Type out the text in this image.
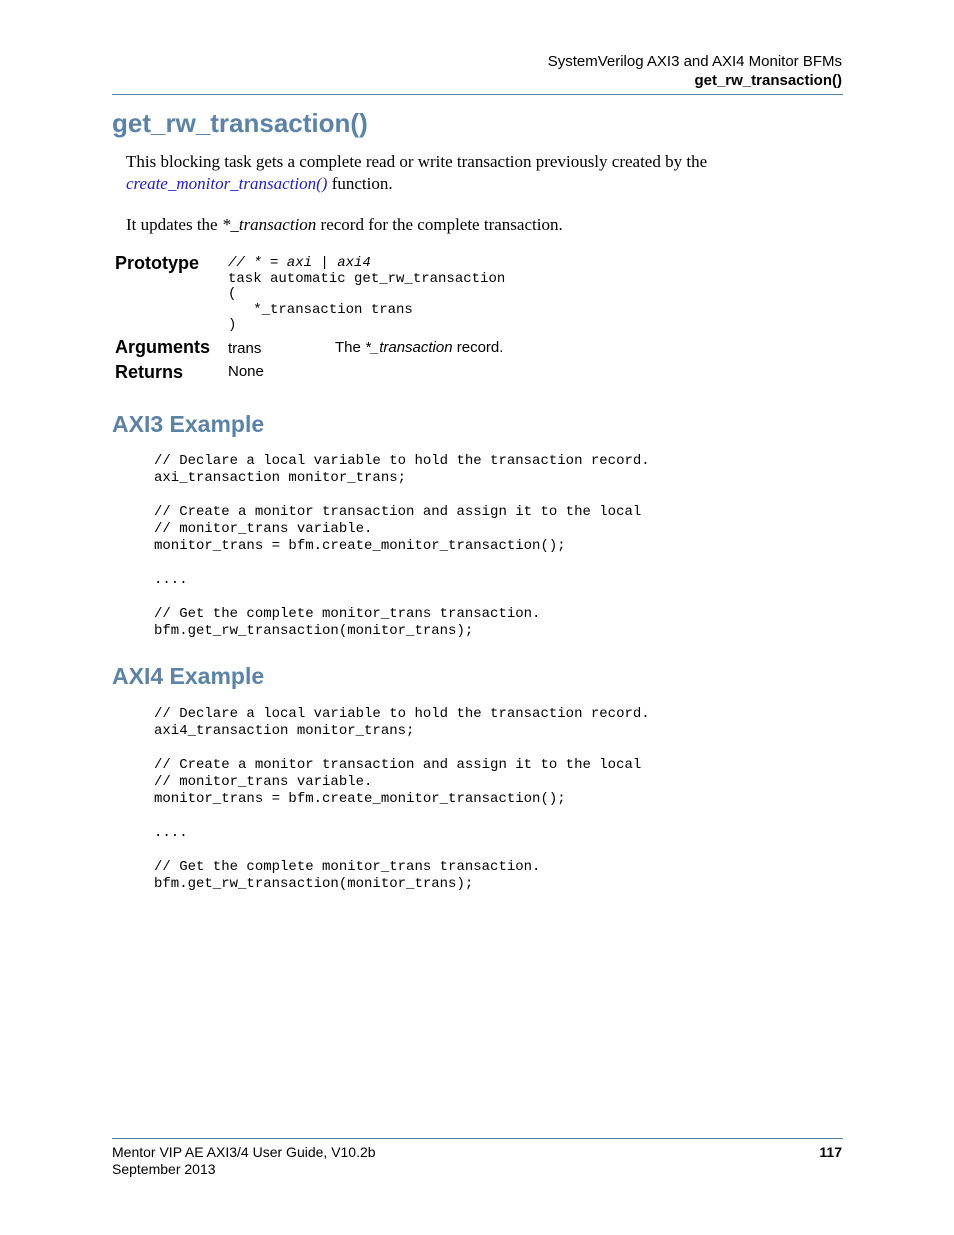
SystemVerilog AXI3 and AXI4 Monitor BFMs
get_rw_transaction()
get_rw_transaction()

This blocking task gets a complete read or write transaction previously created by the create_monitor_transaction() function.

It updates the *_transaction record for the complete transaction.

Prototype // * = axi | axi4
task automatic get_rw_transaction
(
*_transaction trans
)
Arguments trans	The *_transaction record.
Returns	None
AXI3 Example
// Declare a local variable to hold the transaction record.
axi_transaction monitor_trans;

// Create a monitor transaction and assign it to the local
// monitor_trans variable.
monitor_trans = bfm.create_monitor_transaction();

....

// Get the complete monitor_trans transaction.
bfm.get_rw_transaction(monitor_trans);
AXI4 Example
// Declare a local variable to hold the transaction record.
axi4_transaction monitor_trans;

// Create a monitor transaction and assign it to the local
// monitor_trans variable.
monitor_trans = bfm.create_monitor_transaction();

....

// Get the complete monitor_trans transaction.
bfm.get_rw_transaction(monitor_trans);
Mentor VIP AE AXI3/4 User Guide, V10.2b
September 2013
117
